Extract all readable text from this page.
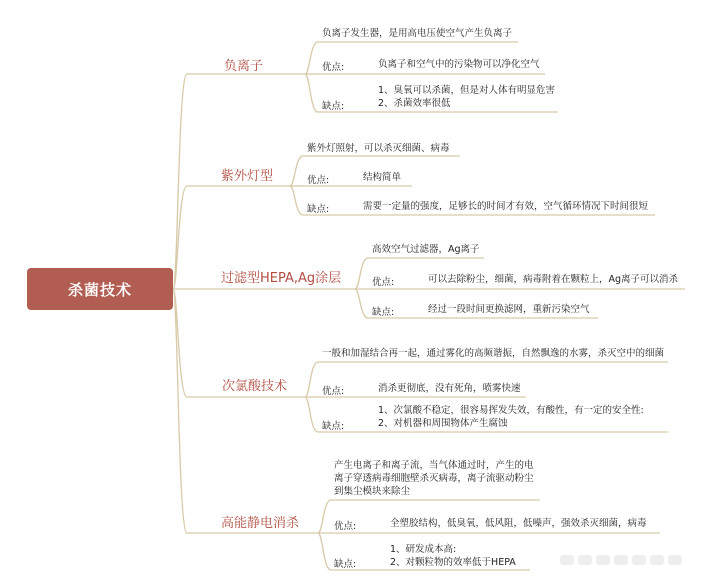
杀菌技术
负离子
负离子发生器，是用高电压使空气产生负离子
优点:	负离子和空气中的污染物可以净化空气
缺点:
1、臭氧可以杀菌，但是对人体有明显危害
2、杀菌效率很低
紫外灯型
紫外灯照射，可以杀灭细菌、病毒
优点:	结构简单
缺点:	需要一定量的强度，足够长的时间才有效，空气循环情况下时间很短
过滤型HEPA,Ag涂层
高效空气过滤器，Ag离子
优点:	可以去除粉尘，细菌，病毒附着在颗粒上，Ag离子可以消杀
缺点:	经过一段时间更换滤网，重新污染空气
次氯酸技术
一般和加湿结合再一起，通过雾化的高频谐振，自然飘逸的水雾，杀灭空中的细菌
优点:	消杀更彻底，没有死角，喷雾快速
缺点:
1、次氯酸不稳定，很容易挥发失效，有酸性，有一定的安全性:
2、对机器和周围物体产生腐蚀
高能静电消杀
产生电离子和离子流，当气体通过时，产生的电
离子穿透病毒细胞壁杀灭病毒，离子流驱动粉尘
到集尘模块来除尘
优点:	全塑胶结构，低臭氧，低风阻，低噪声，强效杀灭细菌，病毒
缺点:
1、研发成本高:
2、对颗粒物的效率低于HEPA
